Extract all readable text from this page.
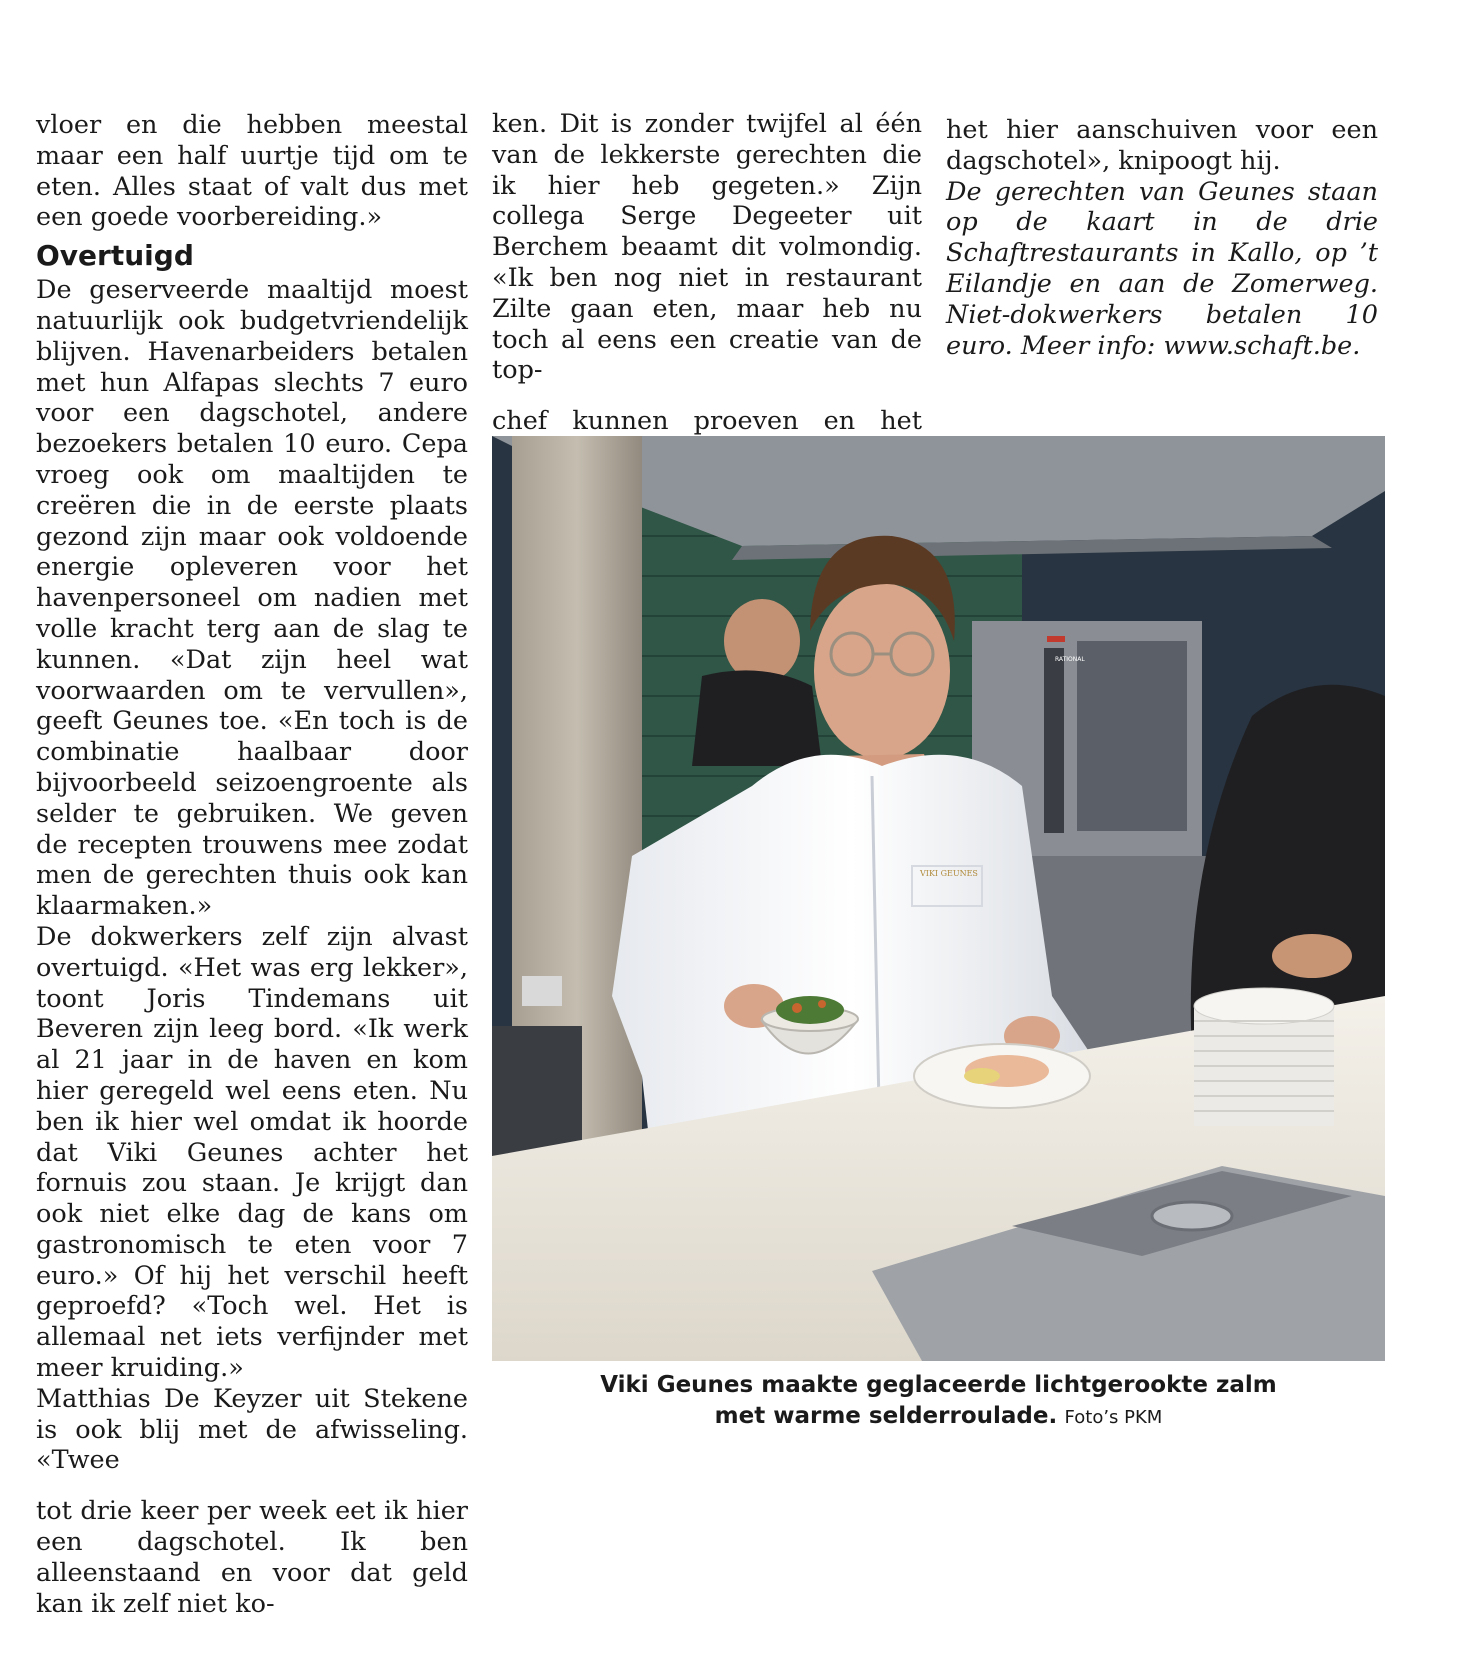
vloer en die hebben meestal maar een half uurtje tijd om te eten. Alles staat of valt dus met een goede voorbereiding.»

Overtuigd

De geserveerde maaltijd moest natuurlijk ook budgetvriendelijk blijven. Havenarbeiders betalen met hun Alfapas slechts 7 euro voor een dagschotel, andere bezoekers betalen 10 euro. Cepa vroeg ook om maaltijden te creëren die in de eerste plaats gezond zijn maar ook voldoende energie opleveren voor het havenpersoneel om nadien met volle kracht terg aan de slag te kunnen. «Dat zijn heel wat voorwaarden om te vervullen», geeft Geunes toe. «En toch is de combinatie haalbaar door bijvoorbeeld seizoengroente als selder te gebruiken. We geven de recepten trouwens mee zodat men de gerechten thuis ook kan klaarmaken.»

De dokwerkers zelf zijn alvast overtuigd. «Het was erg lekker», toont Joris Tindemans uit Beveren zijn leeg bord. «Ik werk al 21 jaar in de haven en kom hier geregeld wel eens eten. Nu ben ik hier wel omdat ik hoorde dat Viki Geunes achter het fornuis zou staan. Je krijgt dan ook niet elke dag de kans om gastronomisch te eten voor 7 euro.» Of hij het verschil heeft geproefd? «Toch wel. Het is allemaal net iets verfijnder met meer kruiding.»

Matthias De Keyzer uit Stekene is ook blij met de afwisseling. «Twee

tot drie keer per week eet ik hier een dagschotel. Ik ben alleenstaand en voor dat geld kan ik zelf niet ko-

ken. Dit is zonder twijfel al één van de lekkerste gerechten die ik hier heb gegeten.» Zijn collega Serge Degeeter uit Berchem beaamt dit volmondig. «Ik ben nog niet in restaurant Zilte gaan eten, maar heb nu toch al eens een creatie van de top-

chef kunnen proeven en het

het hier aanschuiven voor een dagschotel», knipoogt hij.

De gerechten van Geunes staan op de kaart in de drie Schaftrestaurants in Kallo, op ’t Eilandje en aan de Zomerweg. Niet-dokwerkers betalen 10 euro. Meer info: www.schaft.be.

RATIONAL
VIKI GEUNES
Viki Geunes maakte geglaceerde lichtgerookte zalm
met warme selderroulade. Foto’s PKM
